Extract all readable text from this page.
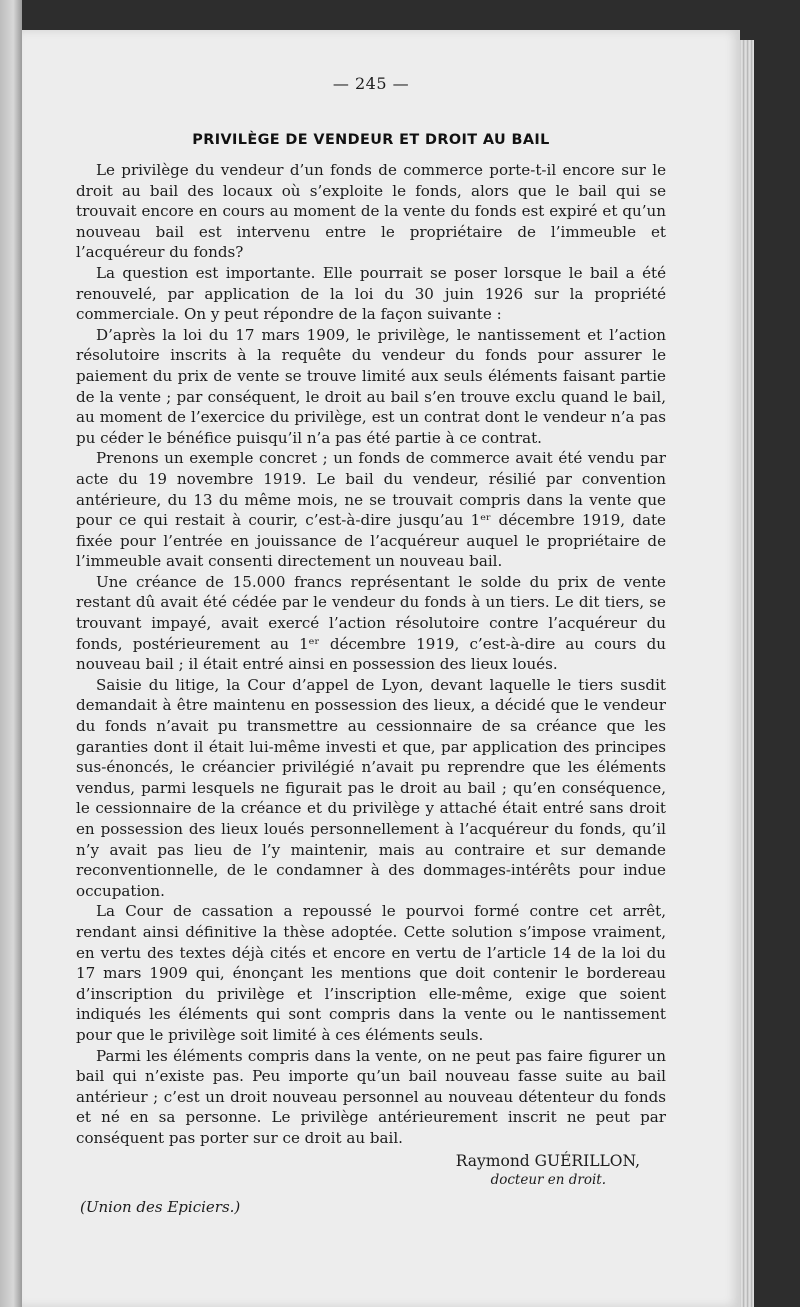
— 245 —
PRIVILÈGE DE VENDEUR ET DROIT AU BAIL

Le privilège du vendeur d’un fonds de commerce porte-t-il encore sur le droit au bail des locaux où s’exploite le fonds, alors que le bail qui se trouvait encore en cours au moment de la vente du fonds est expiré et qu’un nouveau bail est intervenu entre le propriétaire de l’immeuble et l’acquéreur du fonds?

La question est importante. Elle pourrait se poser lorsque le bail a été renouvelé, par application de la loi du 30 juin 1926 sur la propriété commerciale. On y peut répondre de la façon suivante :

D’après la loi du 17 mars 1909, le privilège, le nantissement et l’action résolutoire inscrits à la requête du vendeur du fonds pour assurer le paiement du prix de vente se trouve limité aux seuls éléments faisant partie de la vente ; par conséquent, le droit au bail s’en trouve exclu quand le bail, au moment de l’exercice du privilège, est un contrat dont le vendeur n’a pas pu céder le bénéfice puisqu’il n’a pas été partie à ce contrat.

Prenons un exemple concret ; un fonds de commerce avait été vendu par acte du 19 novembre 1919. Le bail du vendeur, résilié par convention antérieure, du 13 du même mois, ne se trouvait compris dans la vente que pour ce qui restait à courir, c’est-à-dire jusqu’au 1ᵉʳ décembre 1919, date fixée pour l’entrée en jouissance de l’acquéreur auquel le propriétaire de l’immeuble avait consenti directement un nouveau bail.

Une créance de 15.000 francs représentant le solde du prix de vente restant dû avait été cédée par le vendeur du fonds à un tiers. Le dit tiers, se trouvant impayé, avait exercé l’action résolutoire contre l’acquéreur du fonds, postérieurement au 1ᵉʳ décembre 1919, c’est-à-dire au cours du nouveau bail ; il était entré ainsi en possession des lieux loués.

Saisie du litige, la Cour d’appel de Lyon, devant laquelle le tiers susdit demandait à être maintenu en possession des lieux, a décidé que le vendeur du fonds n’avait pu transmettre au cessionnaire de sa créance que les garanties dont il était lui-même investi et que, par application des principes sus-énoncés, le créancier privilégié n’avait pu reprendre que les éléments vendus, parmi lesquels ne figurait pas le droit au bail ; qu’en conséquence, le cessionnaire de la créance et du privilège y attaché était entré sans droit en possession des lieux loués personnellement à l’acquéreur du fonds, qu’il n’y avait pas lieu de l’y maintenir, mais au contraire et sur demande reconventionnelle, de le condamner à des dommages-intérêts pour indue occupation.

La Cour de cassation a repoussé le pourvoi formé contre cet arrêt, rendant ainsi définitive la thèse adoptée. Cette solution s’impose vraiment, en vertu des textes déjà cités et encore en vertu de l’article 14 de la loi du 17 mars 1909 qui, énonçant les mentions que doit contenir le bordereau d’inscription du privilège et l’inscription elle-même, exige que soient indiqués les éléments qui sont compris dans la vente ou le nantissement pour que le privilège soit limité à ces éléments seuls.

Parmi les éléments compris dans la vente, on ne peut pas faire figurer un bail qui n’existe pas. Peu importe qu’un bail nouveau fasse suite au bail antérieur ; c’est un droit nouveau personnel au nouveau détenteur du fonds et né en sa personne. Le privilège antérieurement inscrit ne peut par conséquent pas porter sur ce droit au bail.

Raymond GUÉRILLON,
docteur en droit.
(Union des Epiciers.)
